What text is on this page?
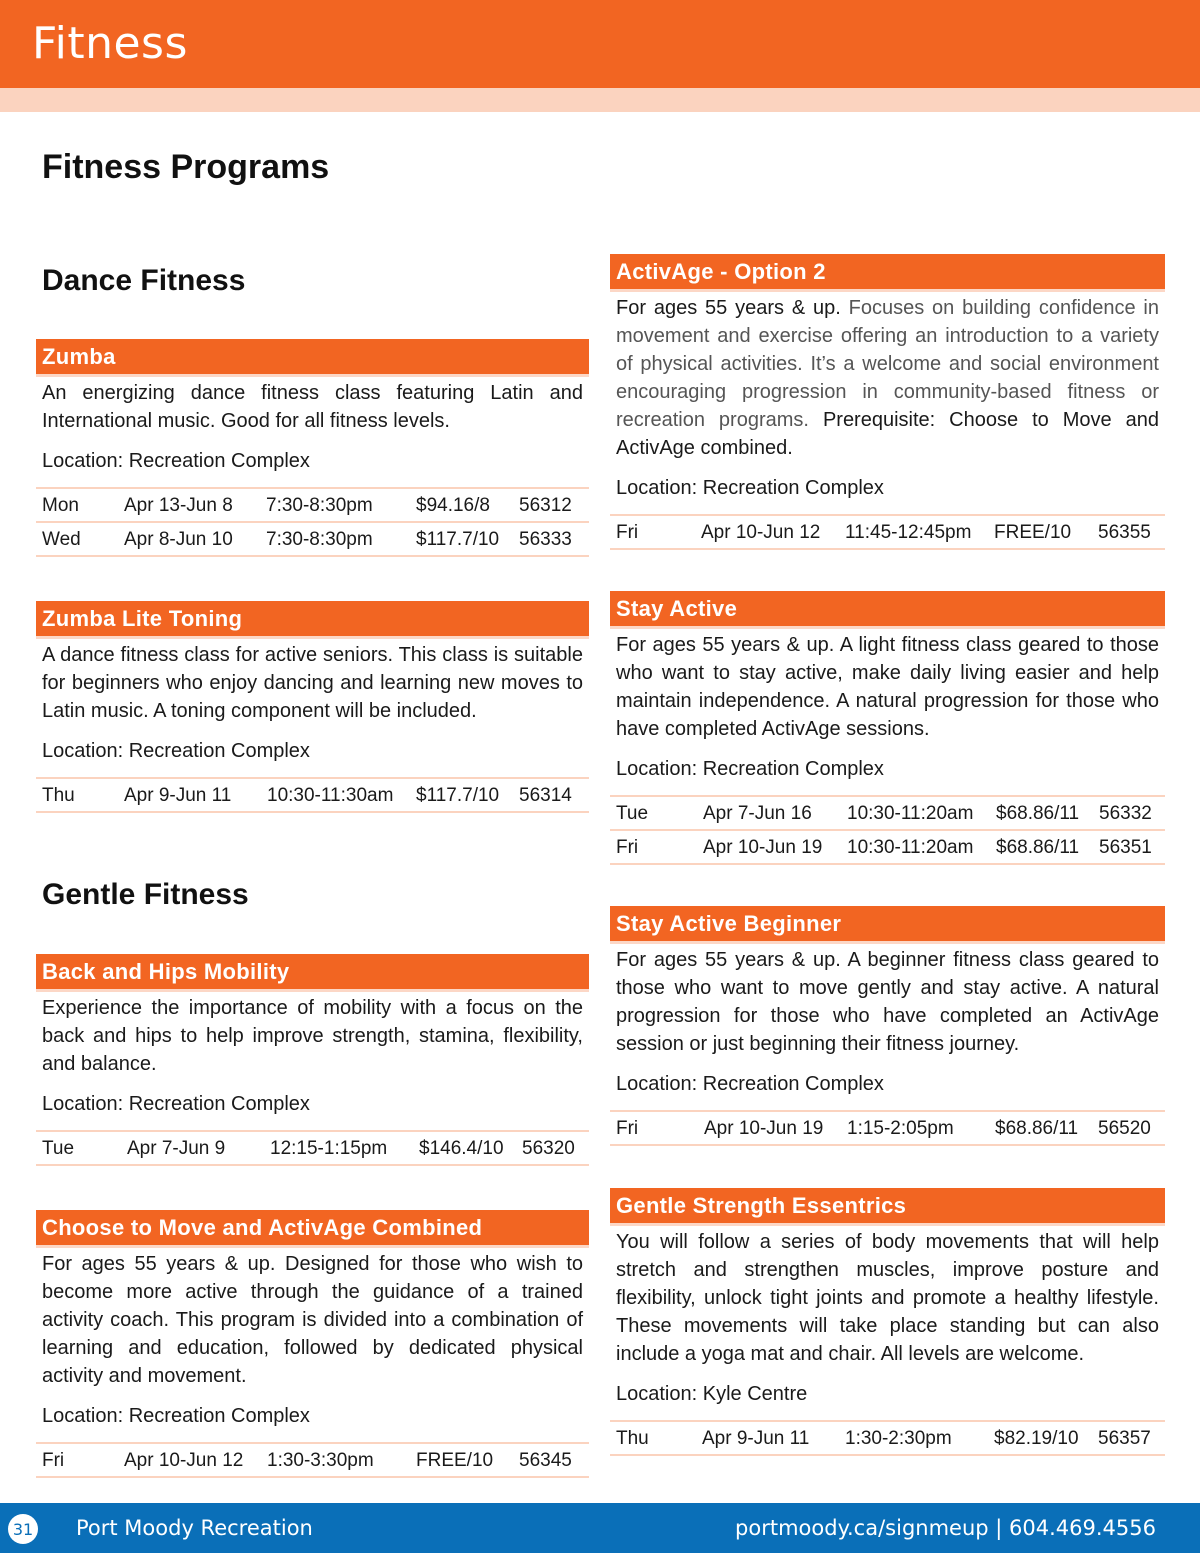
Fitness
Fitness Programs
Dance Fitness
Gentle Fitness
Zumba
An energizing dance fitness class featuring Latin and International music. Good for all fitness levels.
Location: Recreation Complex
Mon Apr 13-Jun 8 7:30-8:30pm $94.16/8 56312
Wed Apr 8-Jun 10 7:30-8:30pm $117.7/10 56333
Zumba Lite Toning
A dance fitness class for active seniors. This class is suitable for beginners who enjoy dancing and learning new moves to Latin music. A toning component will be included.
Location: Recreation Complex
Thu	Apr 9-Jun 11 10:30-11:30am $117.7/10 56314
Back and Hips Mobility
Experience the importance of mobility with a focus on the back and hips to help improve strength, stamina, flexibility, and balance.
Location: Recreation Complex
Tue	Apr 7-Jun 9 12:15-1:15pm $146.4/10 56320
Choose to Move and ActivAge Combined
For ages 55 years & up. Designed for those who wish to become more active through the guidance of a trained activity coach. This program is divided into a combination of learning and education, followed by dedicated physical activity and movement.
Location: Recreation Complex
Fri	Apr 10-Jun 12 1:30-3:30pm FREE/10 56345
ActivAge - Option 2
For ages 55 years & up. Focuses on building confidence in movement and exercise offering an introduction to a variety of physical activities. It’s a welcome and social environment encouraging progression in community-based fitness or recreation programs. Prerequisite: Choose to Move and ActivAge combined.
Location: Recreation Complex
Fri	Apr 10-Jun 12 11:45-12:45pm FREE/10 56355
Stay Active
For ages 55 years & up. A light fitness class geared to those who want to stay active, make daily living easier and help maintain independence. A natural progression for those who have completed ActivAge sessions.
Location: Recreation Complex
Tue	Apr 7-Jun 16 10:30-11:20am $68.86/11 56332
Fri	Apr 10-Jun 19 10:30-11:20am $68.86/11 56351
Stay Active Beginner
For ages 55 years & up. A beginner fitness class geared to those who want to move gently and stay active. A natural progression for those who have completed an ActivAge session or just beginning their fitness journey.
Location: Recreation Complex
Fri	Apr 10-Jun 19 1:15-2:05pm $68.86/11 56520
Gentle Strength Essentrics
You will follow a series of body movements that will help stretch and strengthen muscles, improve posture and flexibility, unlock tight joints and promote a healthy lifestyle. These movements will take place standing but can also include a yoga mat and chair. All levels are welcome.
Location: Kyle Centre
Thu	Apr 9-Jun 11 1:30-2:30pm $82.19/10 56357
31 Port Moody Recreation	portmoody.ca/signmeup | 604.469.4556
